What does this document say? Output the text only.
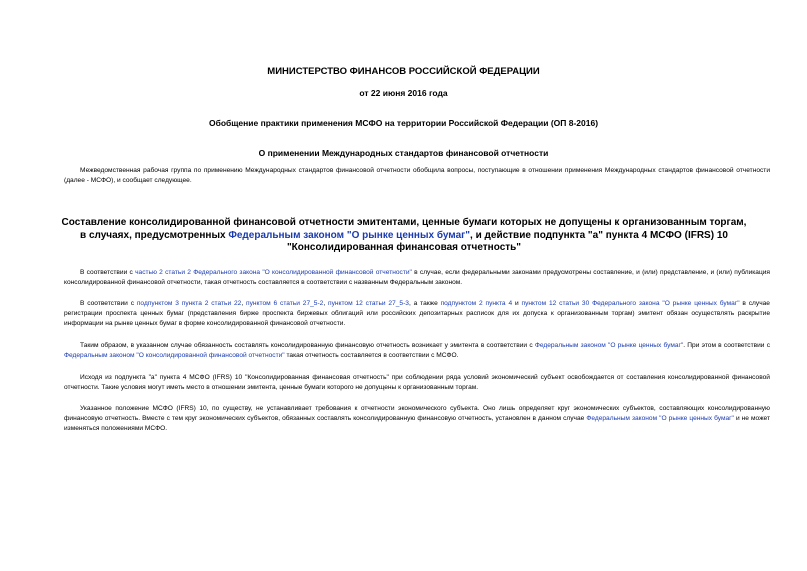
МИНИСТЕРСТВО ФИНАНСОВ РОССИЙСКОЙ ФЕДЕРАЦИИ
от 22 июня 2016 года
Обобщение практики применения МСФО на территории Российской Федерации (ОП 8-2016)
О применении Международных стандартов финансовой отчетности

Межведомственная рабочая группа по применению Международных стандартов финансовой отчетности обобщила вопросы, поступающие в отношении применения Международных стандартов финансовой отчетности (далее - МСФО), и сообщает следующее.

Составление консолидированной финансовой отчетности эмитентами, ценные бумаги которых не допущены к организованным торгам, в случаях, предусмотренных Федеральным законом "О рынке ценных бумаг", и действие подпункта "а" пункта 4 МСФО (IFRS) 10 "Консолидированная финансовая отчетность"

В соответствии с частью 2 статьи 2 Федерального закона "О консолидированной финансовой отчетности" в случае, если федеральными законами предусмотрены составление, и (или) представление, и (или) публикация консолидированной финансовой отчетности, такая отчетность составляется в соответствии с названным Федеральным законом.

В соответствии с подпунктом 3 пункта 2 статьи 22, пунктом 6 статьи 27_5-2, пунктом 12 статьи 27_5-3, а также подпунктом 2 пункта 4 и пунктом 12 статьи 30 Федерального закона "О рынке ценных бумаг" в случае регистрации проспекта ценных бумаг (представления бирже проспекта биржевых облигаций или российских депозитарных расписок для их допуска к организованным торгам) эмитент обязан осуществлять раскрытие информации на рынке ценных бумаг в форме консолидированной финансовой отчетности.

Таким образом, в указанном случае обязанность составлять консолидированную финансовую отчетность возникает у эмитента в соответствии с Федеральным законом "О рынке ценных бумаг". При этом в соответствии с Федеральным законом "О консолидированной финансовой отчетности" такая отчетность составляется в соответствии с МСФО.

Исходя из подпункта "а" пункта 4 МСФО (IFRS) 10 "Консолидированная финансовая отчетность" при соблюдении ряда условий экономический субъект освобождается от составления консолидированной финансовой отчетности. Такие условия могут иметь место в отношении эмитента, ценные бумаги которого не допущены к организованным торгам.

Указанное положение МСФО (IFRS) 10, по существу, не устанавливает требования к отчетности экономического субъекта. Оно лишь определяет круг экономических субъектов, составляющих консолидированную финансовую отчетность. Вместе с тем круг экономических субъектов, обязанных составлять консолидированную финансовую отчетность, установлен в данном случае Федеральным законом "О рынке ценных бумаг" и не может изменяться положениями МСФО.
